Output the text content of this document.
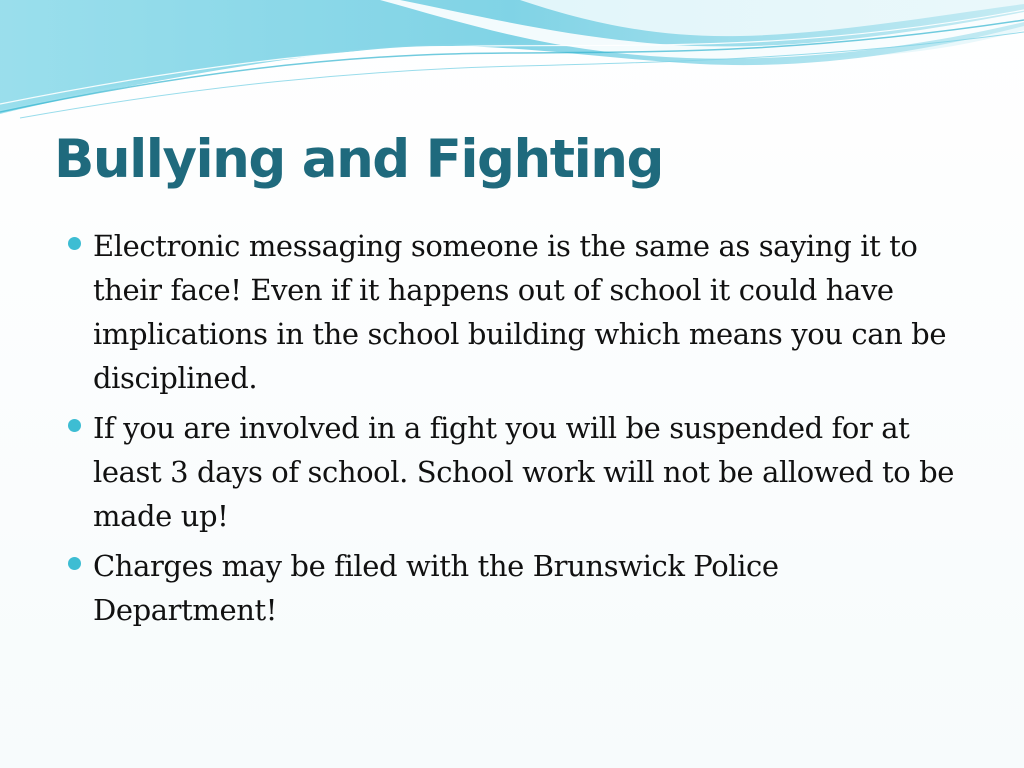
Bullying and Fighting
Electronic messaging someone is the same as saying it to their face! Even if it happens out of school it could have implications in the school building which means you can be disciplined.
If you are involved in a fight you will be suspended for at least 3 days of school. School work will not be allowed to be made up!
Charges may be filed with the Brunswick Police Department!
